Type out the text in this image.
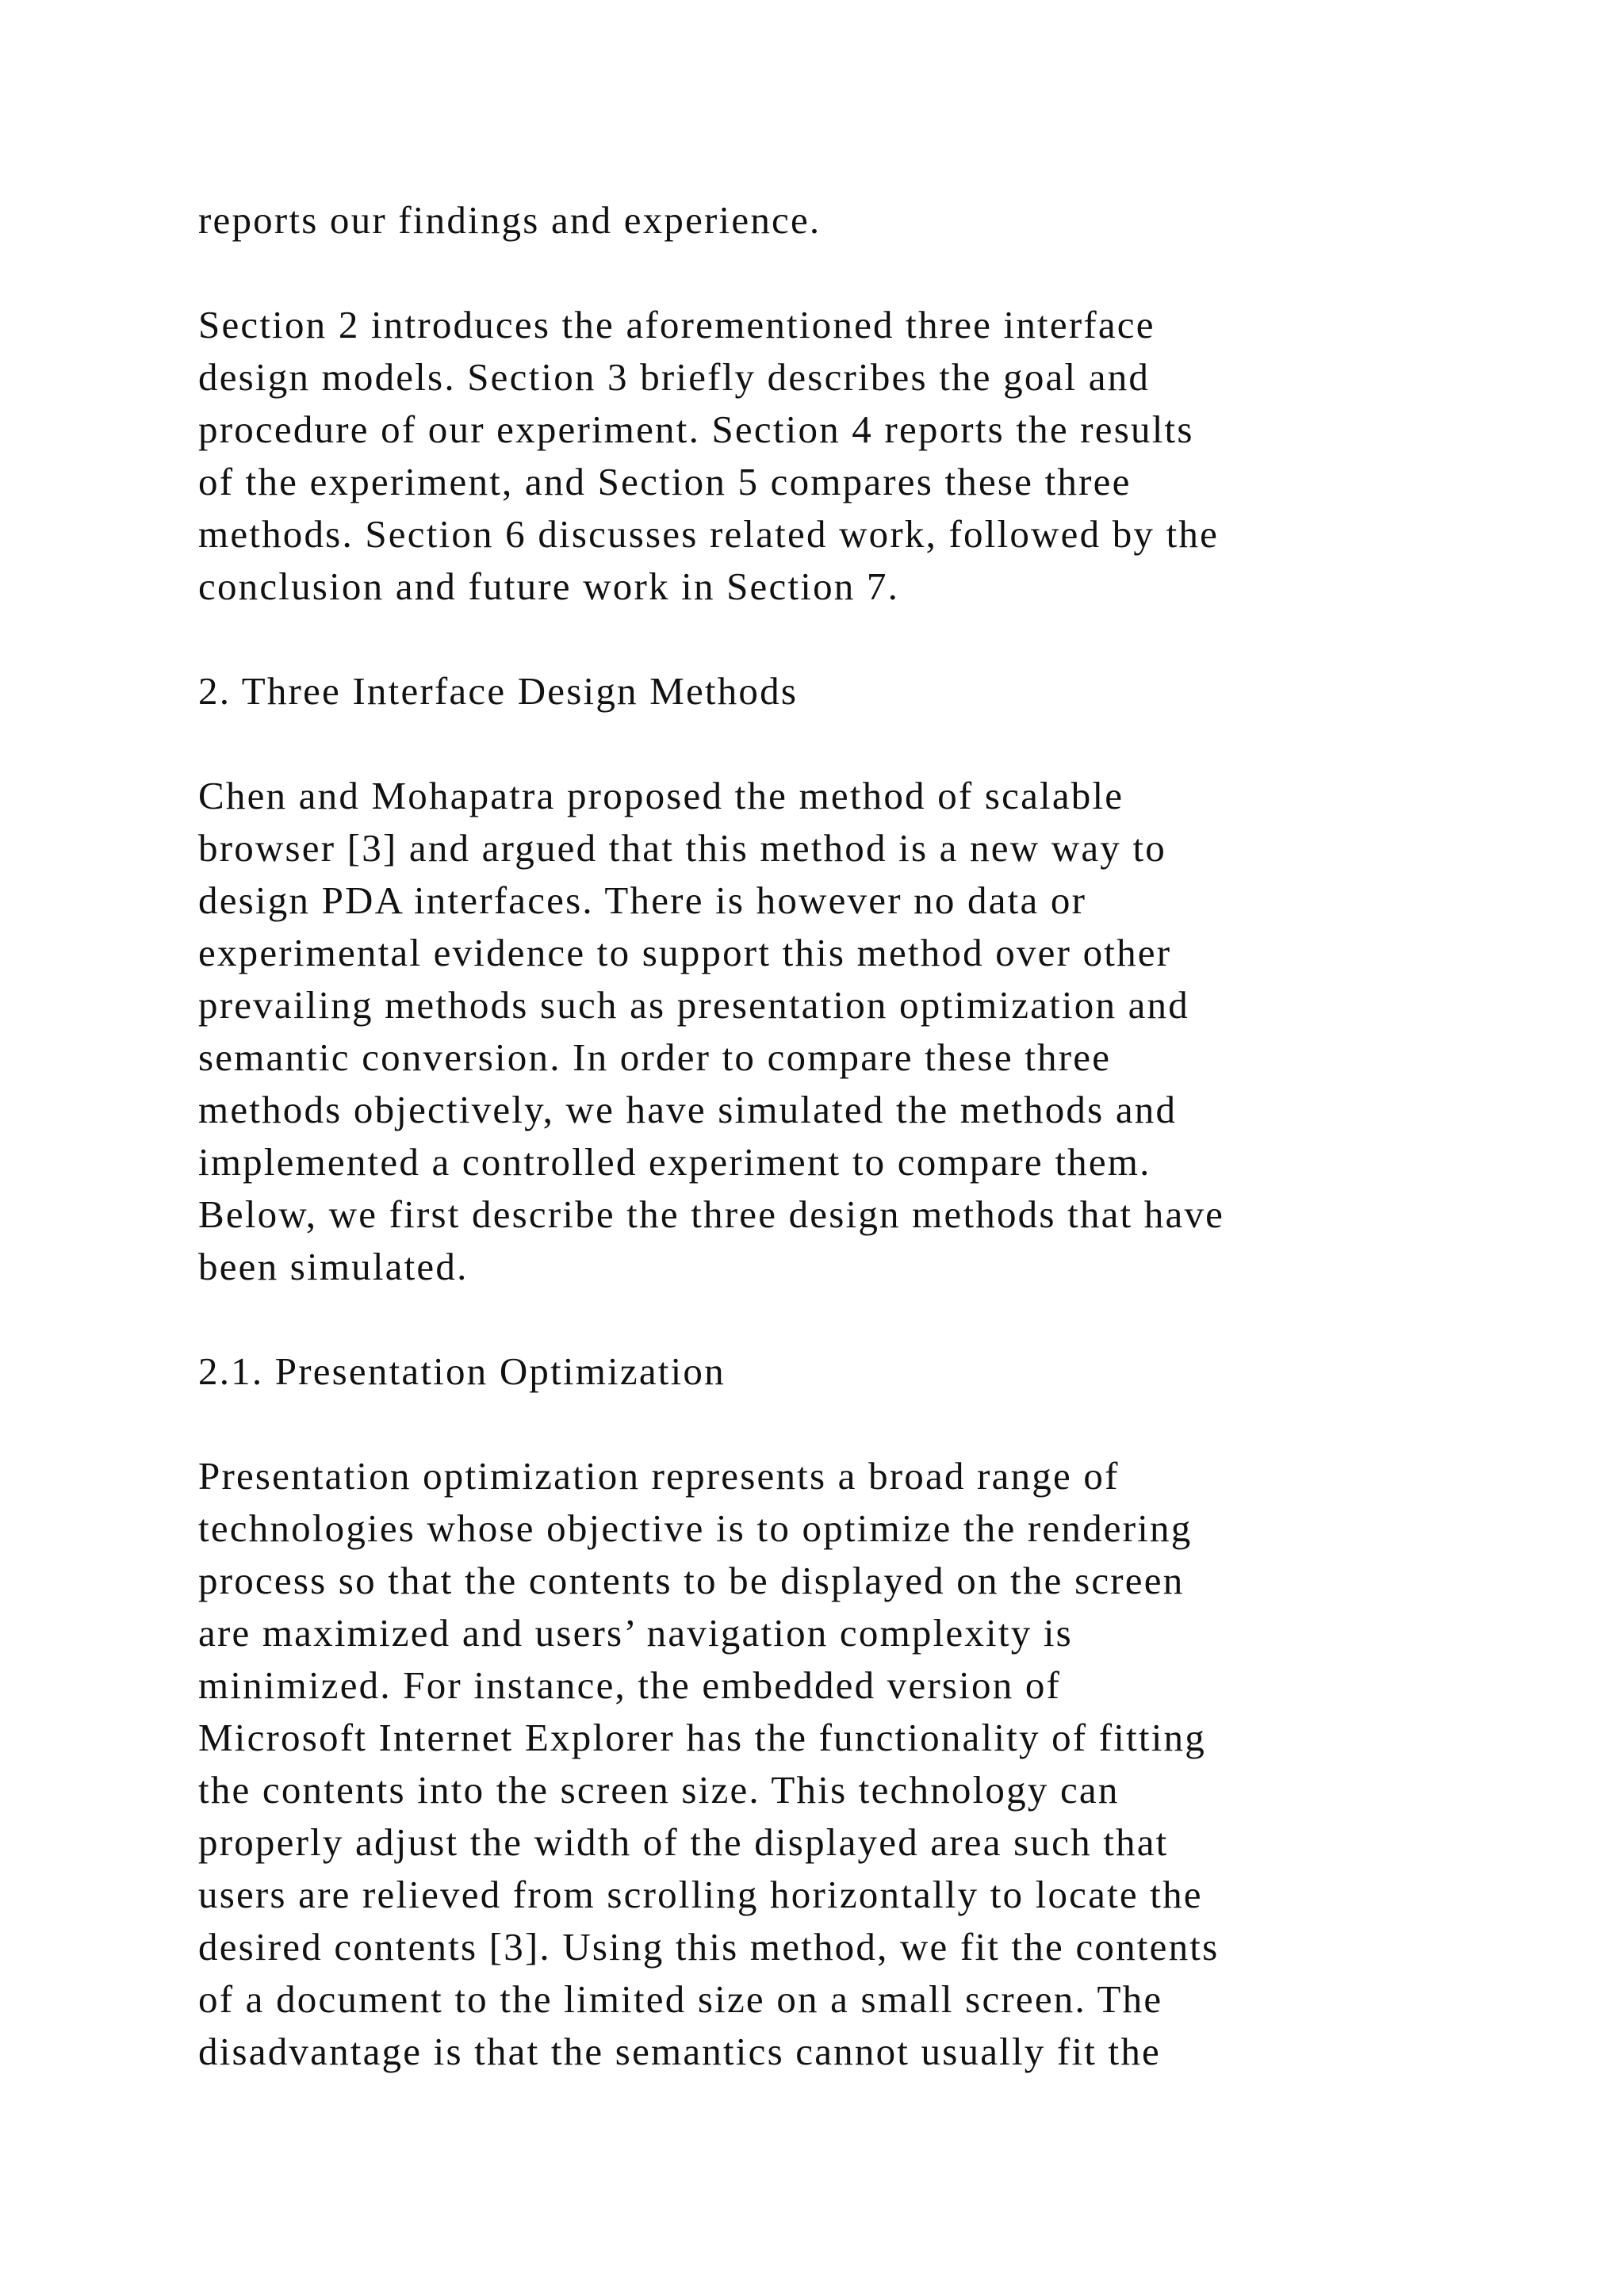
reports our findings and experience.
Section 2 introduces the aforementioned three interface
design models. Section 3 briefly describes the goal and
procedure of our experiment. Section 4 reports the results
of the experiment, and Section 5 compares these three
methods. Section 6 discusses related work, followed by the
conclusion and future work in Section 7.
2. Three Interface Design Methods
Chen and Mohapatra proposed the method of scalable
browser [3] and argued that this method is a new way to
design PDA interfaces. There is however no data or
experimental evidence to support this method over other
prevailing methods such as presentation optimization and
semantic conversion. In order to compare these three
methods objectively, we have simulated the methods and
implemented a controlled experiment to compare them.
Below, we first describe the three design methods that have
been simulated.
2.1. Presentation Optimization
Presentation optimization represents a broad range of
technologies whose objective is to optimize the rendering
process so that the contents to be displayed on the screen
are maximized and users’ navigation complexity is
minimized. For instance, the embedded version of
Microsoft Internet Explorer has the functionality of fitting
the contents into the screen size. This technology can
properly adjust the width of the displayed area such that
users are relieved from scrolling horizontally to locate the
desired contents [3]. Using this method, we fit the contents
of a document to the limited size on a small screen. The
disadvantage is that the semantics cannot usually fit the
